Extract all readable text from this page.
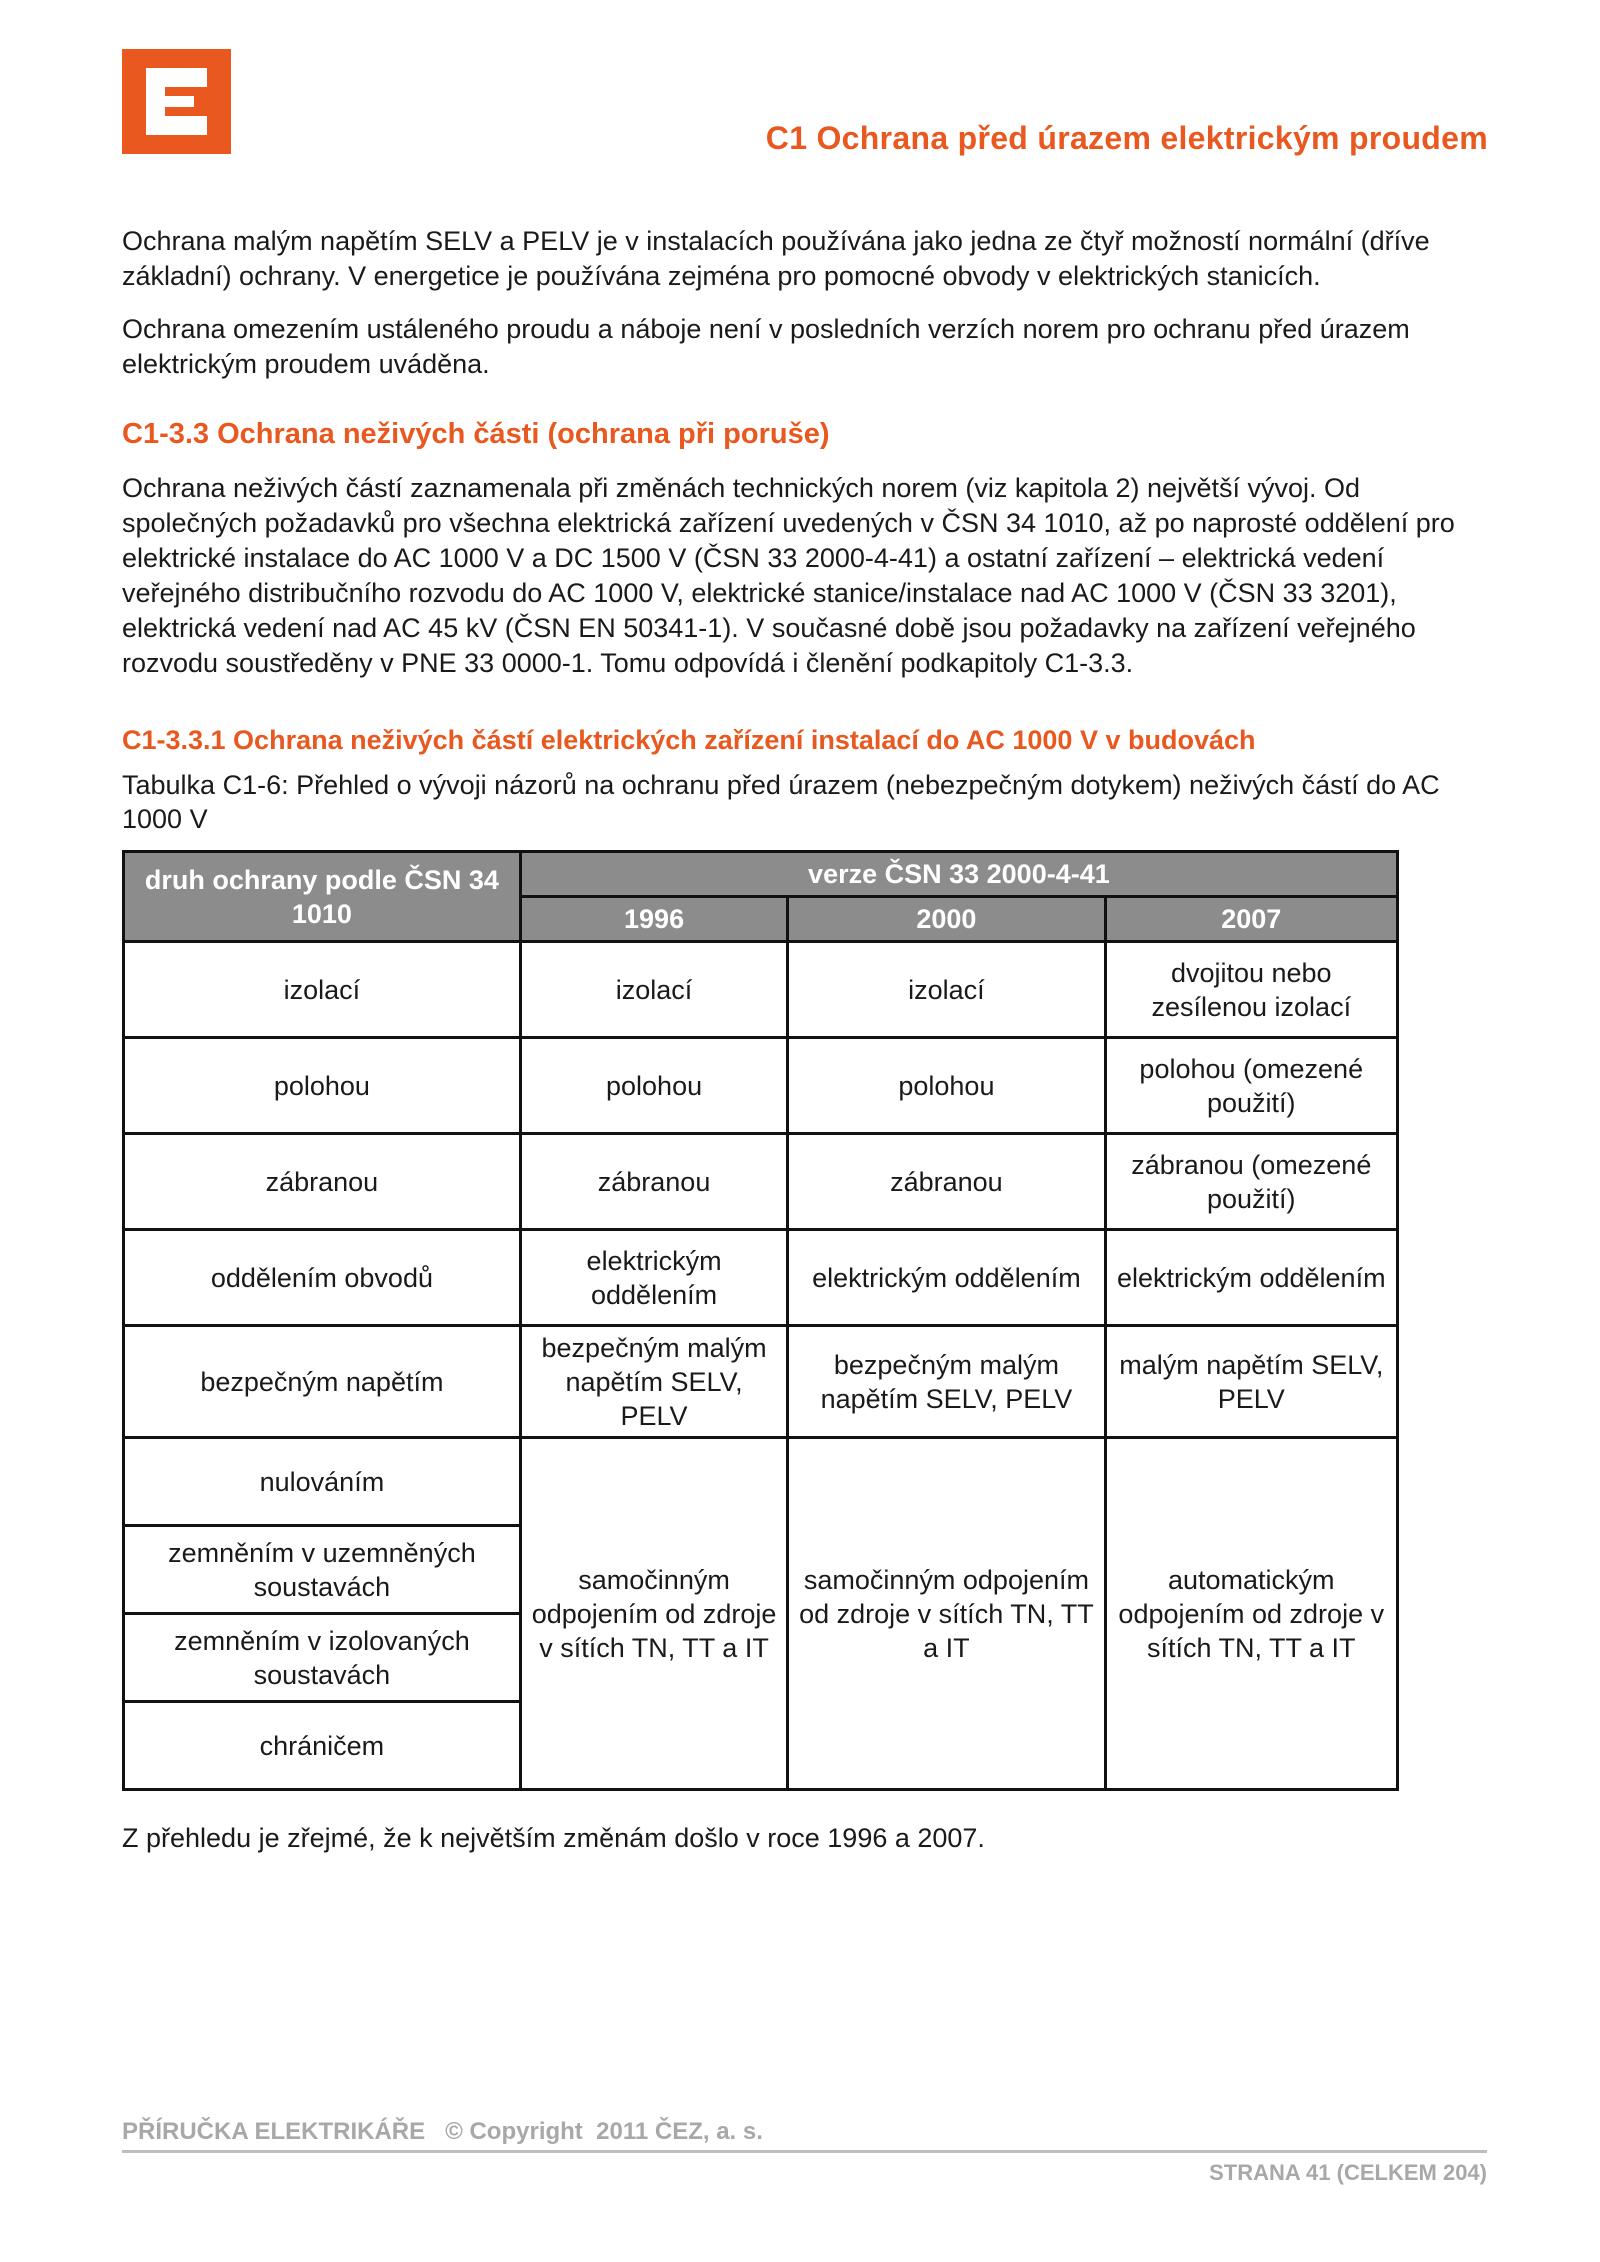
C1 Ochrana před úrazem elektrickým proudem

Ochrana malým napětím SELV a PELV je v instalacích používána jako jedna ze čtyř možností normální (dříve základní) ochrany. V energetice je používána zejména pro pomocné obvody v elektrických stanicích.

Ochrana omezením ustáleného proudu a náboje není v posledních verzích norem pro ochranu před úrazem elektrickým proudem uváděna.

C1-3.3 Ochrana neživých části (ochrana při poruše)

Ochrana neživých částí zaznamenala při změnách technických norem (viz kapitola 2) největší vývoj. Od společných požadavků pro všechna elektrická zařízení uvedených v ČSN 34 1010, až po naprosté oddělení pro elektrické instalace do AC 1000 V a DC 1500 V (ČSN 33 2000-4-41) a ostatní zařízení – elektrická vedení veřejného distribučního rozvodu do AC 1000 V, elektrické stanice/instalace nad AC 1000 V (ČSN 33 3201), elektrická vedení nad AC 45 kV (ČSN EN 50341-1). V současné době jsou požadavky na zařízení veřejného rozvodu soustředěny v PNE 33 0000-1. Tomu odpovídá i členění podkapitoly C1-3.3.

C1-3.3.1 Ochrana neživých částí elektrických zařízení instalací do AC 1000 V v budovách

Tabulka C1-6: Přehled o vývoji názorů na ochranu před úrazem (nebezpečným dotykem) neživých částí do AC 1000 V

druh ochrany podle ČSN 34 1010	verze ČSN 33 2000-4-41		
	1996	2000	2007
izolací	izolací	izolací	dvojitou nebo zesílenou izolací
polohou	polohou	polohou	polohou (omezené použití)
zábranou	zábranou	zábranou	zábranou (omezené použití)
oddělením obvodů	elektrickým oddělením	elektrickým oddělením	elektrickým oddělením
bezpečným napětím	bezpečným malým napětím SELV, PELV	bezpečným malým napětím SELV, PELV	malým napětím SELV, PELV
nulováním	samočinným odpojením od zdroje v sítích TN, TT a IT	samočinným odpojením od zdroje v sítích TN, TT a IT	automatickým odpojením od zdroje v sítích TN, TT a IT
zemněním v uzemněných soustavách			
zemněním v izolovaných soustavách			
chráničem			

Z přehledu je zřejmé, že k největším změnám došlo v roce 1996 a 2007.

PŘÍRUČKA ELEKTRIKÁŘE   © Copyright  2011 ČEZ, a. s.
STRANA 41 (CELKEM 204)
